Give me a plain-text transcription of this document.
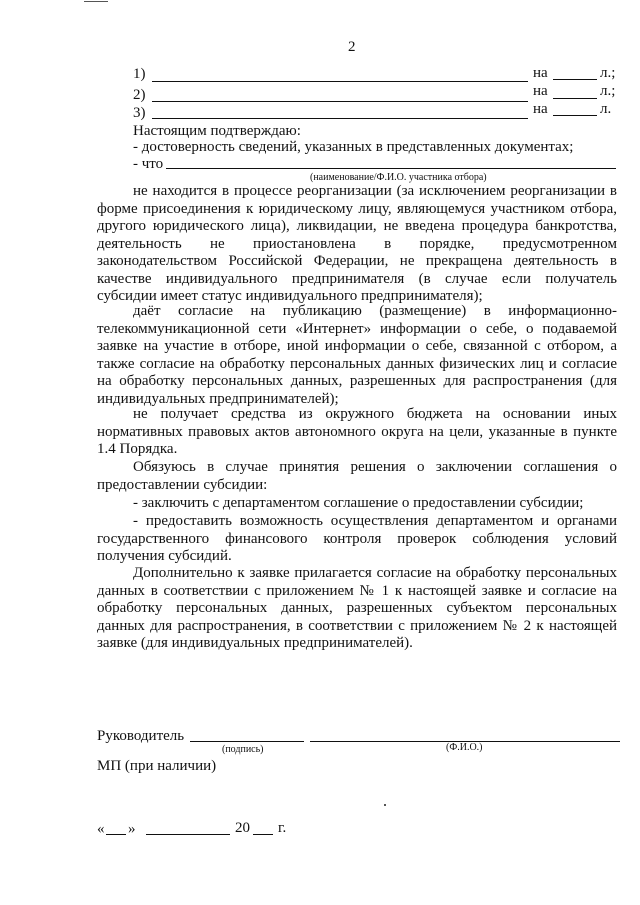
2
1)	на	л.;
2)	на	л.;
3)	на	л.
Настоящим подтверждаю:
- достоверность сведений, указанных в представленных документах;
- что
(наименование/Ф.И.О. участника отбора)
не находится в процессе реорганизации (за исключением реорганизации в форме присоединения к юридическому лицу, являющемуся участником отбора, другого юридического лица), ликвидации, не введена процедура банкротства, деятельность не приостановлена в порядке, предусмотренном законодательством Российской Федерации, не прекращена деятельность в качестве индивидуального предпринимателя (в случае если получатель субсидии имеет статус индивидуального предпринимателя);
даёт согласие на публикацию (размещение) в информационно-телекоммуникационной сети «Интернет» информации о себе, о подаваемой заявке на участие в отборе, иной информации о себе, связанной с отбором, а также согласие на обработку персональных данных физических лиц и согласие на обработку персональных данных, разрешенных для распространения (для индивидуальных предпринимателей);
не получает средства из окружного бюджета на основании иных нормативных правовых актов автономного округа на цели, указанные в пункте 1.4 Порядка.
Обязуюсь в случае принятия решения о заключении соглашения о предоставлении субсидии:
- заключить с департаментом соглашение о предоставлении субсидии;
- предоставить возможность осуществления департаментом и органами государственного финансового контроля проверок соблюдения условий получения субсидий.
Дополнительно к заявке прилагается согласие на обработку персональных данных в соответствии с приложением № 1 к настоящей заявке и согласие на обработку персональных данных, разрешенных субъектом персональных данных для распространения, в соответствии с приложением № 2 к настоящей заявке (для индивидуальных предпринимателей).
Руководитель
(подпись)	(Ф.И.О.)
МП (при наличии)
« »	20 г.
